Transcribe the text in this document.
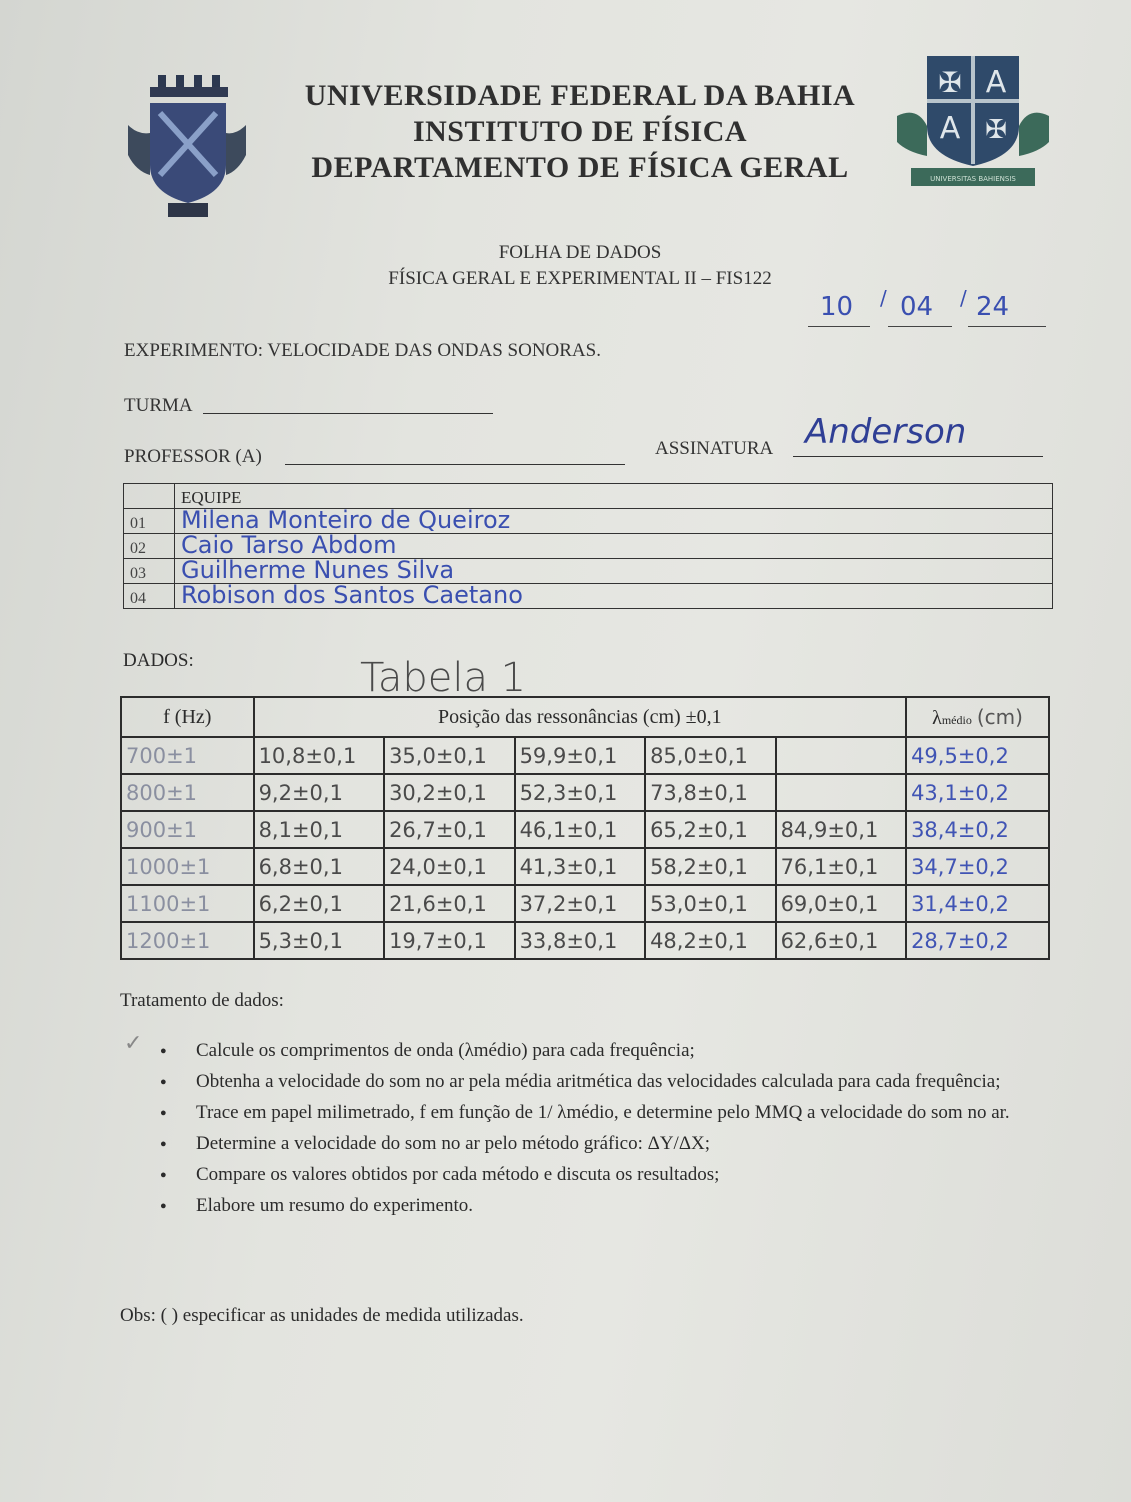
UNIVERSIDADE FEDERAL DA BAHIA
INSTITUTO DE FÍSICA
DEPARTAMENTO DE FÍSICA GERAL
✠ A
A ✠
UNIVERSITAS BAHIENSIS
FOLHA DE DADOS
FÍSICA GERAL E EXPERIMENTAL II – FIS122
10 / 04 / 24
EXPERIMENTO: VELOCIDADE DAS ONDAS SONORAS.
TURMA
PROFESSOR (A)	ASSINATURA Anderson
	EQUIPE
01	Milena Monteiro de Queiroz
02	Caio Tarso Abdom
03	Guilherme Nunes Silva
04	Robison dos Santos Caetano
DADOS:	Tabela 1
f (Hz)	Posição das ressonâncias (cm) ±0,1					λmédio (cm)
700±1	10,8±0,1	35,0±0,1	59,9±0,1	85,0±0,1		49,5±0,2
800±1	9,2±0,1	30,2±0,1	52,3±0,1	73,8±0,1		43,1±0,2
900±1	8,1±0,1	26,7±0,1	46,1±0,1	65,2±0,1	84,9±0,1	38,4±0,2
1000±1	6,8±0,1	24,0±0,1	41,3±0,1	58,2±0,1	76,1±0,1	34,7±0,2
1100±1	6,2±0,1	21,6±0,1	37,2±0,1	53,0±0,1	69,0±0,1	31,4±0,2
1200±1	5,3±0,1	19,7±0,1	33,8±0,1	48,2±0,1	62,6±0,1	28,7±0,2
✓
Tratamento de dados:
● Calcule os comprimentos de onda (λmédio) para cada frequência;
● Obtenha a velocidade do som no ar pela média aritmética das velocidades calculada para cada frequência;
● Trace em papel milimetrado, f em função de 1/ λmédio, e determine pelo MMQ a velocidade do som no ar.
● Determine a velocidade do som no ar pelo método gráfico: ΔY/ΔX;
● Compare os valores obtidos por cada método e discuta os resultados;
● Elabore um resumo do experimento.
Obs: ( ) especificar as unidades de medida utilizadas.
